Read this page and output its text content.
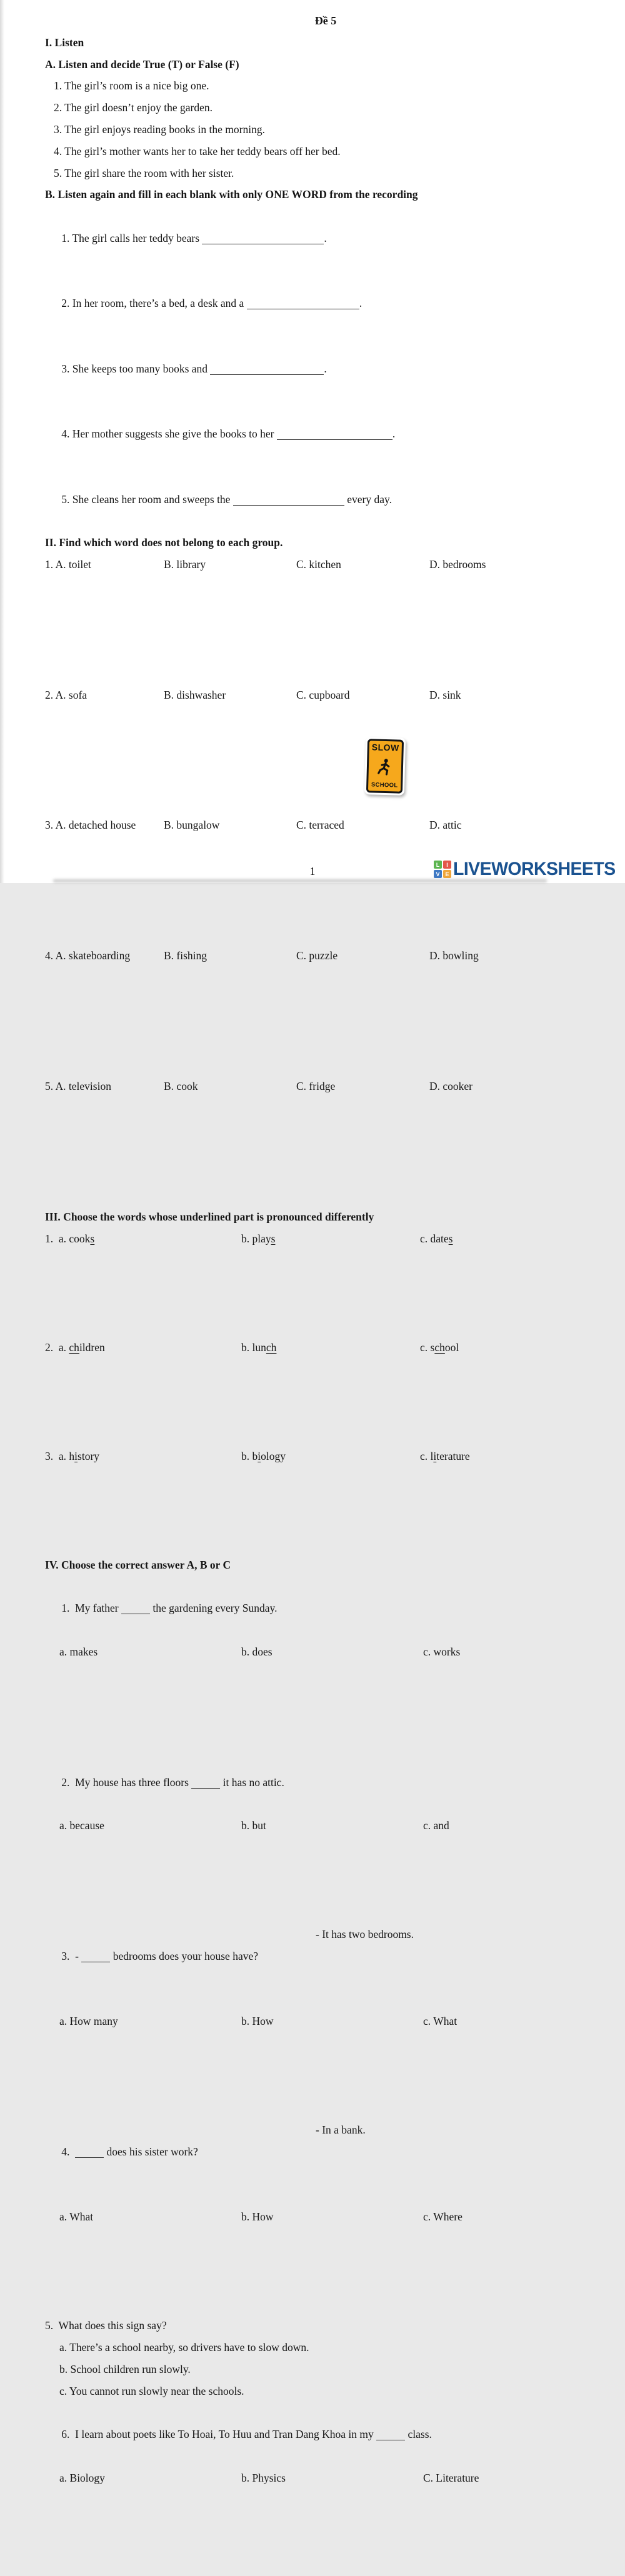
Đề 5
I. Listen
A. Listen and decide True (T) or False (F)
1. The girl’s room is a nice big one.
2. The girl doesn’t enjoy the garden.
3. The girl enjoys reading books in the morning.
4. The girl’s mother wants her to take her teddy bears off her bed.
5. The girl share the room with her sister.
B. Listen again and fill in each blank with only ONE WORD from the recording

1. The girl calls her teddy bears	.

2. In her room, there’s a bed, a desk and a	.

3. She keeps too many books and	.

4. Her mother suggests she give the books to her	.

5. She cleans her room and sweeps the	every day.

II. Find which word does not belong to each group.

1. A. toilet

	B. library

	C. kitchen

	D. bedrooms

2. A. sofa

	B. dishwasher

	C. cupboard

	D. sink

3. A. detached house

	B. bungalow

	C. terraced

	D. attic

4. A. skateboarding

	B. fishing

	C. puzzle

	D. bowling

5. A. television

	B. cook

	C. fridge

	D. cooker

III. Choose the words whose underlined part is pronounced differently

1.  a. cooks

	b. plays

	c. dates

2.  a. children

	b. lunch

	c. school

3.  a. history

	b. biology

	c. literature

IV. Choose the correct answer A, B or C

1.  My father	the gardening every Sunday.

a. makes

	b. does

	c. works

2.  My house has three floors	it has no attic.

a. because

	b. but

	c. and

3.  -	bedrooms does your house have?

- It has two bedrooms.

a. How many

	b. How

	c. What

4.	does his sister work?

- In a bank.

a. What

	b. How

	c. Where

5.  What does this sign say?
a. There’s a school nearby, so drivers have to slow down.
b. School children run slowly.
c. You cannot run slowly near the schools.

6.  I learn about poets like To Hoai, To Huu and Tran Dang Khoa in my	class.

a. Biology

	b. Physics

	C. Literature

SLOW
SCHOOL
1
L	I
V E LIVEWORKSHEETS
